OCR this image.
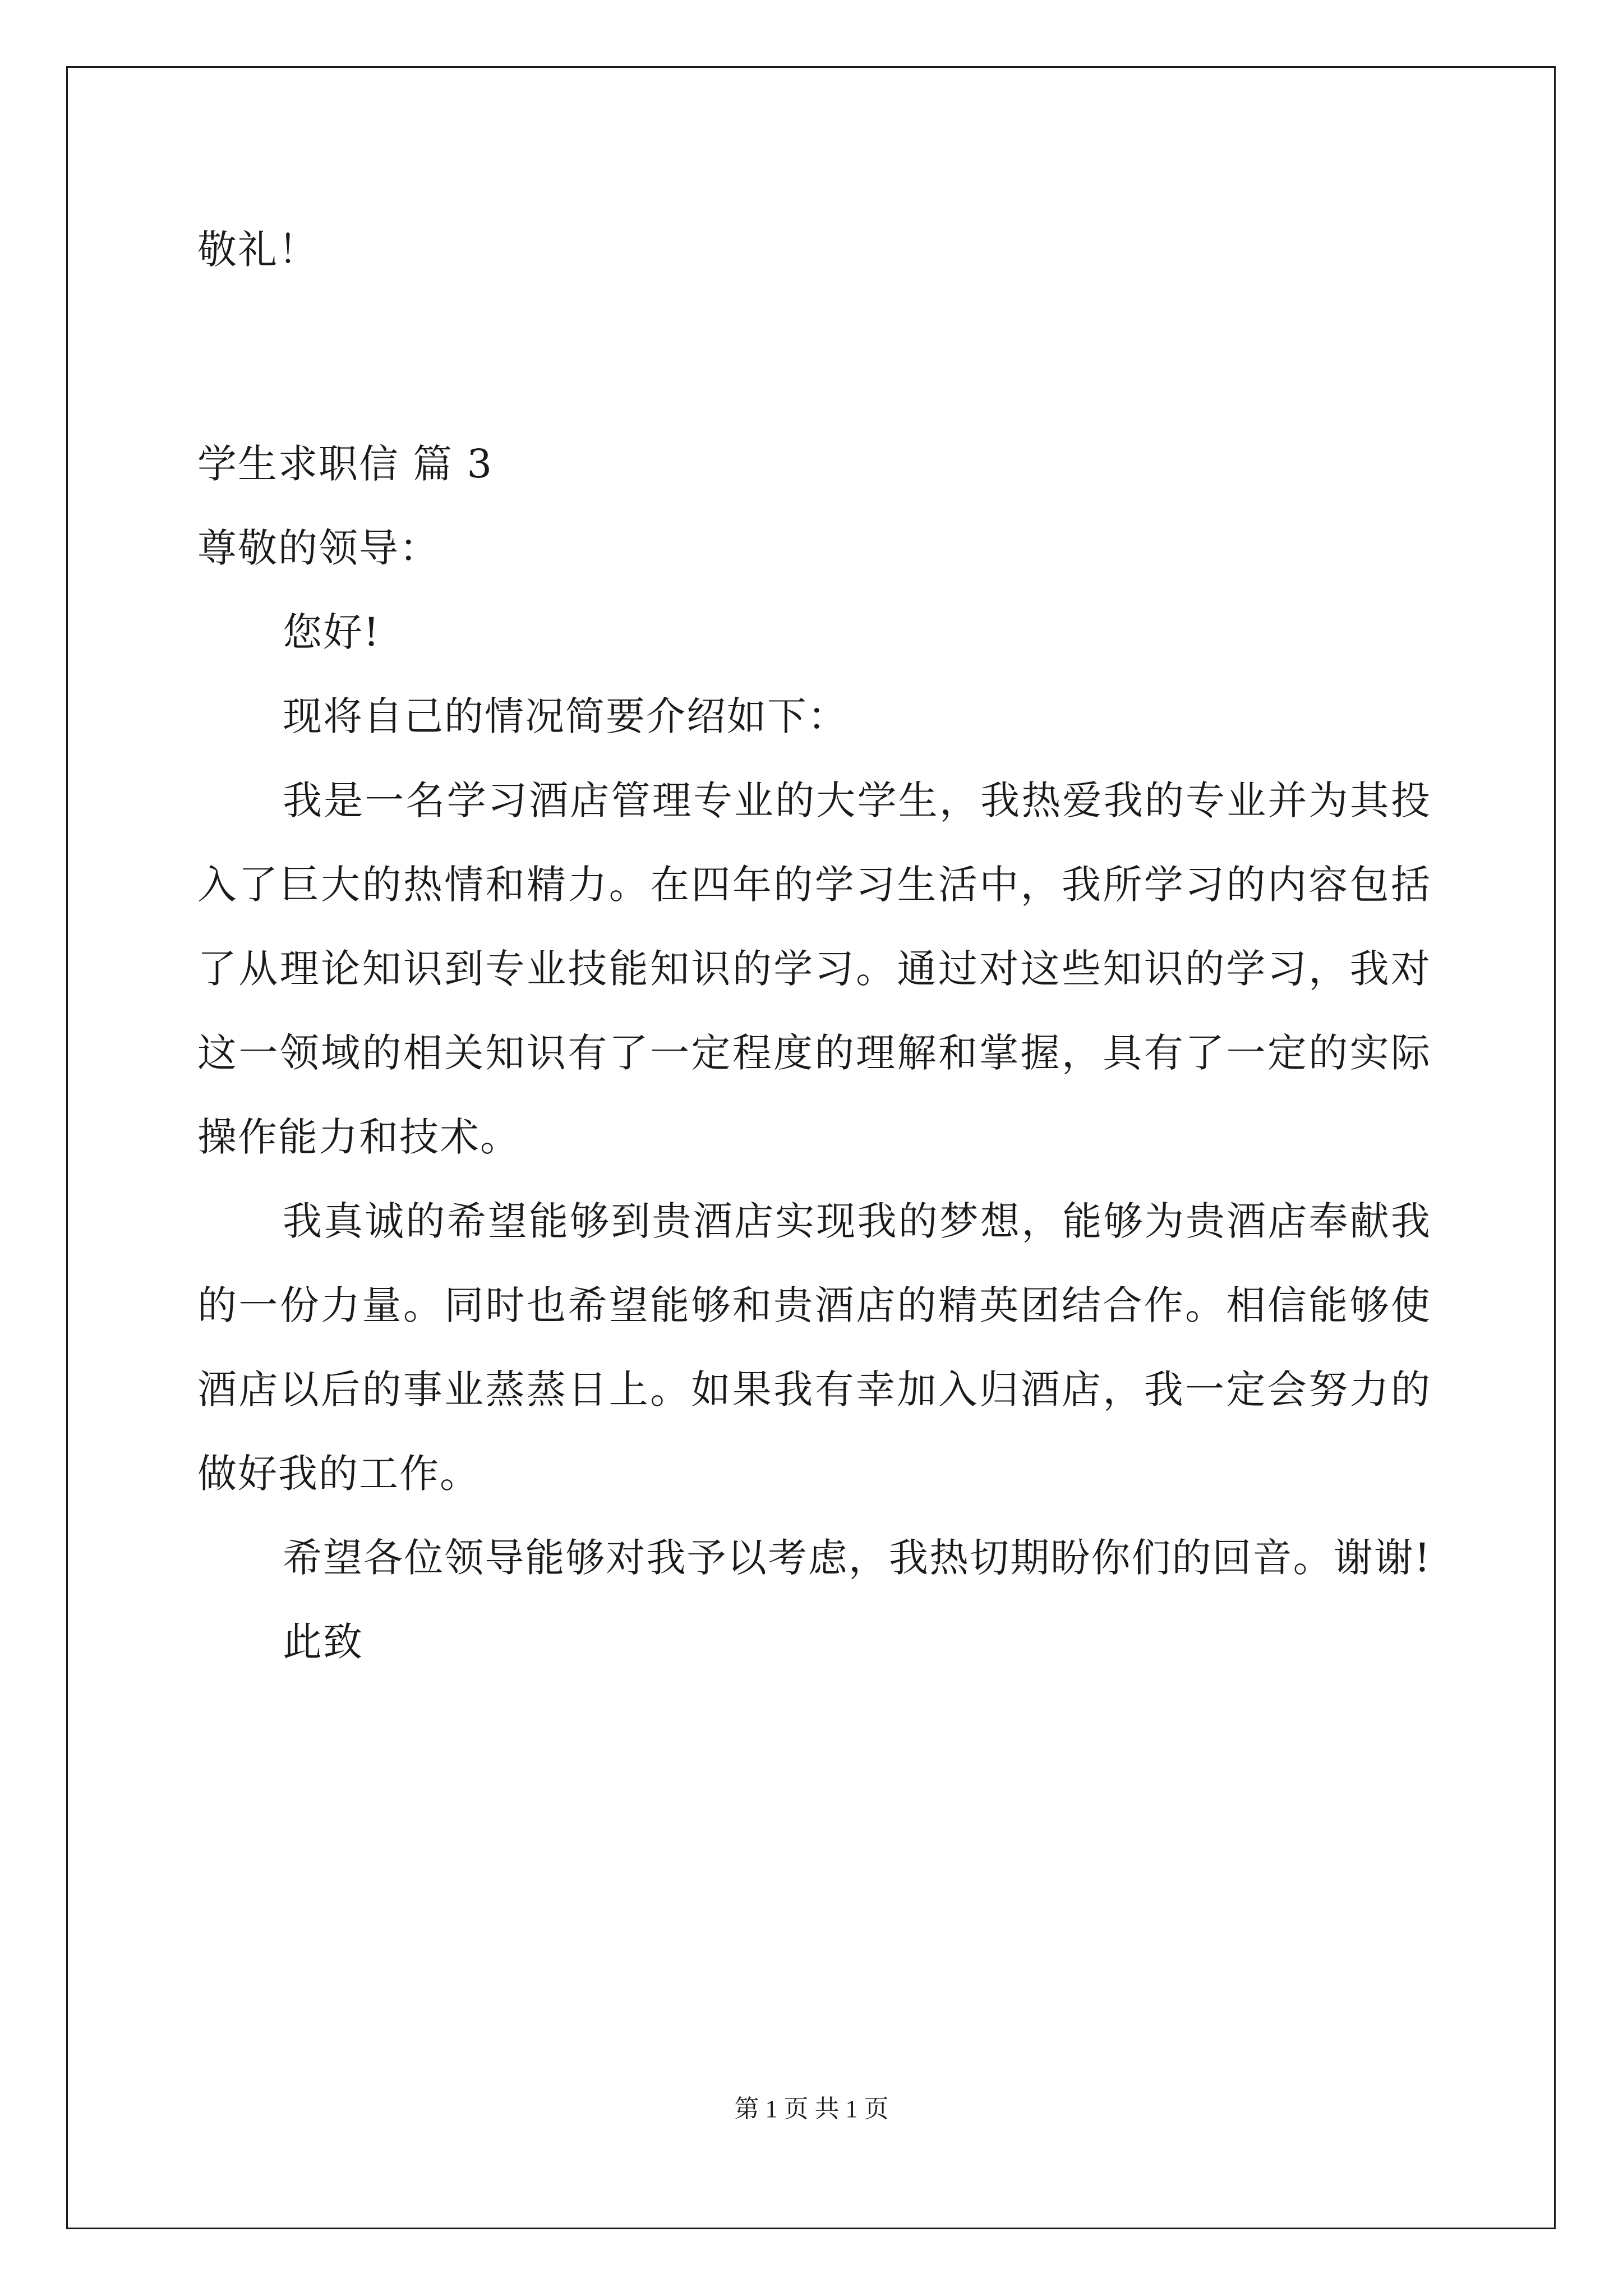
敬礼！
学生求职信 篇 3
尊敬的领导：
您好!
现将自己的情况简要介绍如下：
我是一名学习酒店管理专业的大学生，我热爱我的专业并为其投
入了巨大的热情和精力。在四年的学习生活中，我所学习的内容包括
了从理论知识到专业技能知识的学习。通过对这些知识的学习，我对
这一领域的相关知识有了一定程度的理解和掌握，具有了一定的实际
操作能力和技术。
我真诚的希望能够到贵酒店实现我的梦想，能够为贵酒店奉献我
的一份力量。同时也希望能够和贵酒店的精英团结合作。相信能够使
酒店以后的事业蒸蒸日上。如果我有幸加入归酒店，我一定会努力的
做好我的工作。
希望各位领导能够对我予以考虑，我热切期盼你们的回音。谢谢!
此致
第 1 页 共 1 页
